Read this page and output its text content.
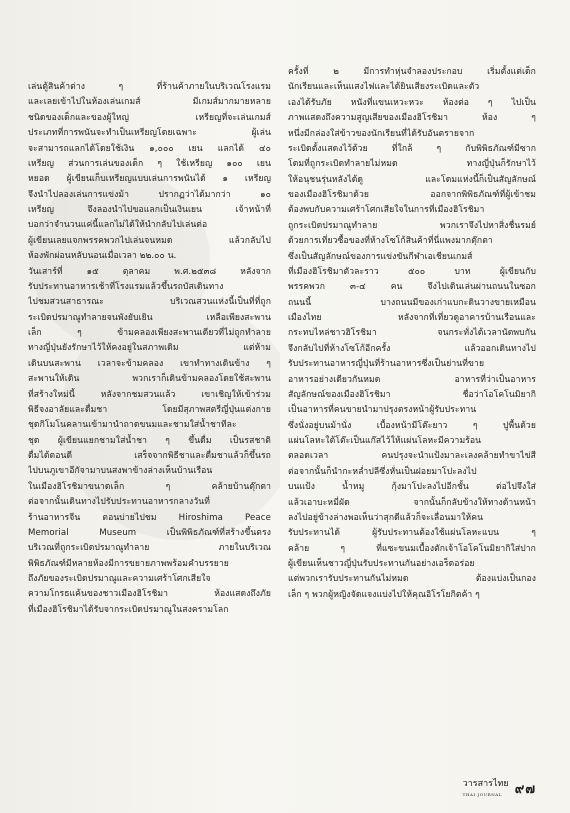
เล่นตู้สินค้าต่าง ๆ ที่ร้านค้าภายในบริเวณโรงแรม
และเลยเข้าไปในห้องเล่นเกมส์ มีเกมส์มากมายหลาย
ชนิดของเด็กและของผู้ใหญ่ เหรียญที่จะเล่นเกมส์
ประเภทที่การพนันจะทำเป็นเหรียญโดยเฉพาะ ผู้เล่น
จะสามารถแลกได้โดยใช้เงิน ๑,๐๐๐ เยน แลกได้ ๔๐
เหรียญ ส่วนการเล่นของเด็ก ๆ ใช้เหรียญ ๑๐๐ เยน
หยอด ผู้เขียนเก็บเหรียญแบบเล่นการพนันได้ ๑ เหรียญ
จึงนำไปลองเล่นการแข่งม้า ปรากฏว่าได้มากว่า ๑๐
เหรียญ จึงลองนำไปขอแลกเป็นเงินเยน เจ้าหน้าที่
บอกว่าจำนวนแค่นี้แลกไม่ได้ให้นำกลับไปเล่นต่อ
ผู้เขียนเลยแจกพรรคพวกไปเล่นจนหมด แล้วกลับไป
ห้องพักผ่อนหลับนอนเมื่อเวลา ๒๒.๐๐ น.
วันเสาร์ที่ ๑๕ ตุลาคม พ.ศ.๒๕๓๘ หลังจาก
รับประทานอาหารเช้าที่โรงแรมแล้วขึ้นรถบัสเดินทาง
ไปชมสวนสาธารณะ บริเวณสวนแห่งนี้เป็นที่ที่ถูก
ระเบิดปรมาณูทำลายจนพังยับเยิน เหลือเพียงสะพาน
เล็ก ๆ ข้ามคลองเพียงสะพานเดียวที่ไม่ถูกทำลาย
ทางญี่ปุ่นยังรักษาไว้ให้คงอยู่ในสภาพเดิม แต่ห้าม
เดินบนสะพาน เวลาจะข้ามคลอง เขาทำทางเดินข้าง ๆ
สะพานให้เดิน พวกเราก็เดินข้ามคลองโดยใช้สะพาน
ที่สร้างใหม่นี้ หลังจากชมสวนแล้ว เขาเชิญให้เข้าร่วม
พิธีจงอาลัยและดื่มชา โดยมีสุภาพสตรีญี่ปุ่นแต่งกาย
ชุดกิโมโนคลานเข้ามานำถาดขนมและชามใส่น้ำชาทีละ
ชุด ผู้เขียนแยกชามใส่น้ำชา ๆ ขึ้นดื่ม เป็นรสชาติ
ดื่มได้ตอนดี เสร็จจากพิธีชาและดื่มชาแล้วก็ขึ้นรถ
ไปบนภูเขาอีกัจามาบนสงพาข้างล่างเห็นบ้านเรือน
ในเมืองฮิโรชิมาขนาดเล็ก ๆ คล้ายบ้านตุ๊กตา
ต่อจากนั้นเดินทางไปรับประทานอาหารกลางวันที่
ร้านอาหารจีน ตอนบ่ายไปชม Hiroshima Peace
Memorial Museum เป็นพิพิธภัณฑ์ที่สร้างขึ้นตรง
บริเวณที่ถูกระเบิดปรมาณูทำลาย ภายในบริเวณ
พิพิธภัณฑ์มีหลายห้องมีการขยายภาพพร้อมคำบรรยาย
ถึงภัยของระเบิดปรมาณูและความเศร้าโศกเสียใจ
ความโกรธแค้นของชาวเมืองฮิโรชิมา ห้องแสดงถึงภัย
ที่เมืองฮิโรชิมาได้รับจากระเบิดปรมาณูในสงครามโลก
ครั้งที่ ๒ มีการทำหุ่นจำลองประกอบ เริ่มตั้งแต่เด็ก
นักเรียนและเห็นแสงไฟและได้ยินเสียงระเบิดและตัว
เองได้รับภัย หนังที่แขนเหวะหวะ ห้องต่อ ๆ ไปเป็น
ภาพแสดงถึงความสูญเสียของเมืองฮิโรชิมา ห้อง ๆ
หนึ่งมีกล่องใส่ข้าวของนักเรียนที่ได้รับอันตรายจาก
ระเบิดตั้งแสดงไว้ด้วย ที่ใกล้ ๆ กับพิพิธภัณฑ์มีซาก
โดมที่ถูกระเบิดทำลายไม่หมด ทางญี่ปุ่นก็รักษาไว้
ให้อนุชนรุ่นหลังได้ดู และโดมแห่งนี้ก็เป็นสัญลักษณ์
ของเมืองฮิโรชิมาด้วย ออกจากพิพิธภัณฑ์ที่ผู้เข้าชม
ต้องพบกับความเศร้าโศกเสียใจในการที่เมืองฮิโรชิมา
ถูกระเบิดปรมาณูทำลาย พวกเราจึงไปหาสิ่งชื่นรมย์
ด้วยการเที่ยวซื้อของที่ห้างโซโก้สินค้าที่นี่แพงมากตุ๊กตา
ซึ่งเป็นสัญลักษณ์ของการแข่งขันกีฬาเอเชียนเกมส์
ที่เมืองฮิโรชิมาตัวละราว ๕๐๐ บาท ผู้เขียนกับ
พรรคพวก ๓-๔ คน จึงไปเดินเล่นผ่านถนนในซอก
ถนนนี้ บางถนนมีของเก่าแบกะดินวางขายเหมือน
เมืองไทย หลังจากที่เที่ยวดูอาคารบ้านเรือนและ
กระทบไหล่ชาวฮิโรชิมา จนกระทั่งได้เวลานัดพบกัน
จึงกลับไปที่ห้างโซโก้อีกครั้ง แล้วออกเดินทางไป
รับประทานอาหารญี่ปุ่นที่ร้านอาหารซึ่งเป็นย่านที่ขาย
อาหารอย่างเดียวกันหมด อาหารที่ว่าเป็นอาหาร
สัญลักษณ์ของเมืองฮิโรชิมา ชื่อว่าโอโคโนมิยากิ
เป็นอาหารที่คนขายนำมาปรุงตรงหน้าผู้รับประทาน
ซึ่งนั่งอยู่บนม้านั่ง เบื้องหน้ามีโต๊ะยาว ๆ ปูพื้นด้วย
แผ่นโลหะใต้โต๊ะเป็นแก๊สไว้ให้แผ่นโลหะมีความร้อน
ตลอดเวลา คนปรุงจะนำแป้งมาละเลงคล้ายทำขาไข่สี
ต่อจากนั้นก็นำกะหล่ำปลีซึ่งหั่นเป็นฝอยมาโปะลงไป
บนแป้ง น้ำหมู กุ้งมาโปะลงไปอีกชั้น ต่อไปจึงใส่
แล้วเอาบะหมี่ผัด จากนั้นก็กลับข้างให้ทางด้านหน้า
ลงไปอยู่ข้างล่างพอเห็นว่าสุกดีแล้วก็จะเลื่อนมาให้คน
รับประทานได้ ผู้รับประทานต้องใช้แผ่นโลหะแบน ๆ
คล้าย ๆ ที่แซะขนมเบื้องตักเจ้าโอโคโนมิยากิใส่ปาก
ผู้เขียนเห็นชาวญี่ปุ่นรับประทานกันอย่างเอร็ดอร่อย
แต่พวกเรารับประทานกันไม่หมด ต้องแบ่งเป็นกอง
เล็ก ๆ พวกผู้หญิงจัดแจงแบ่งไปให้คุณอิโรโยกิตค้า ๆ
วารสารไทย
THAI JOURNAL ๙๗
